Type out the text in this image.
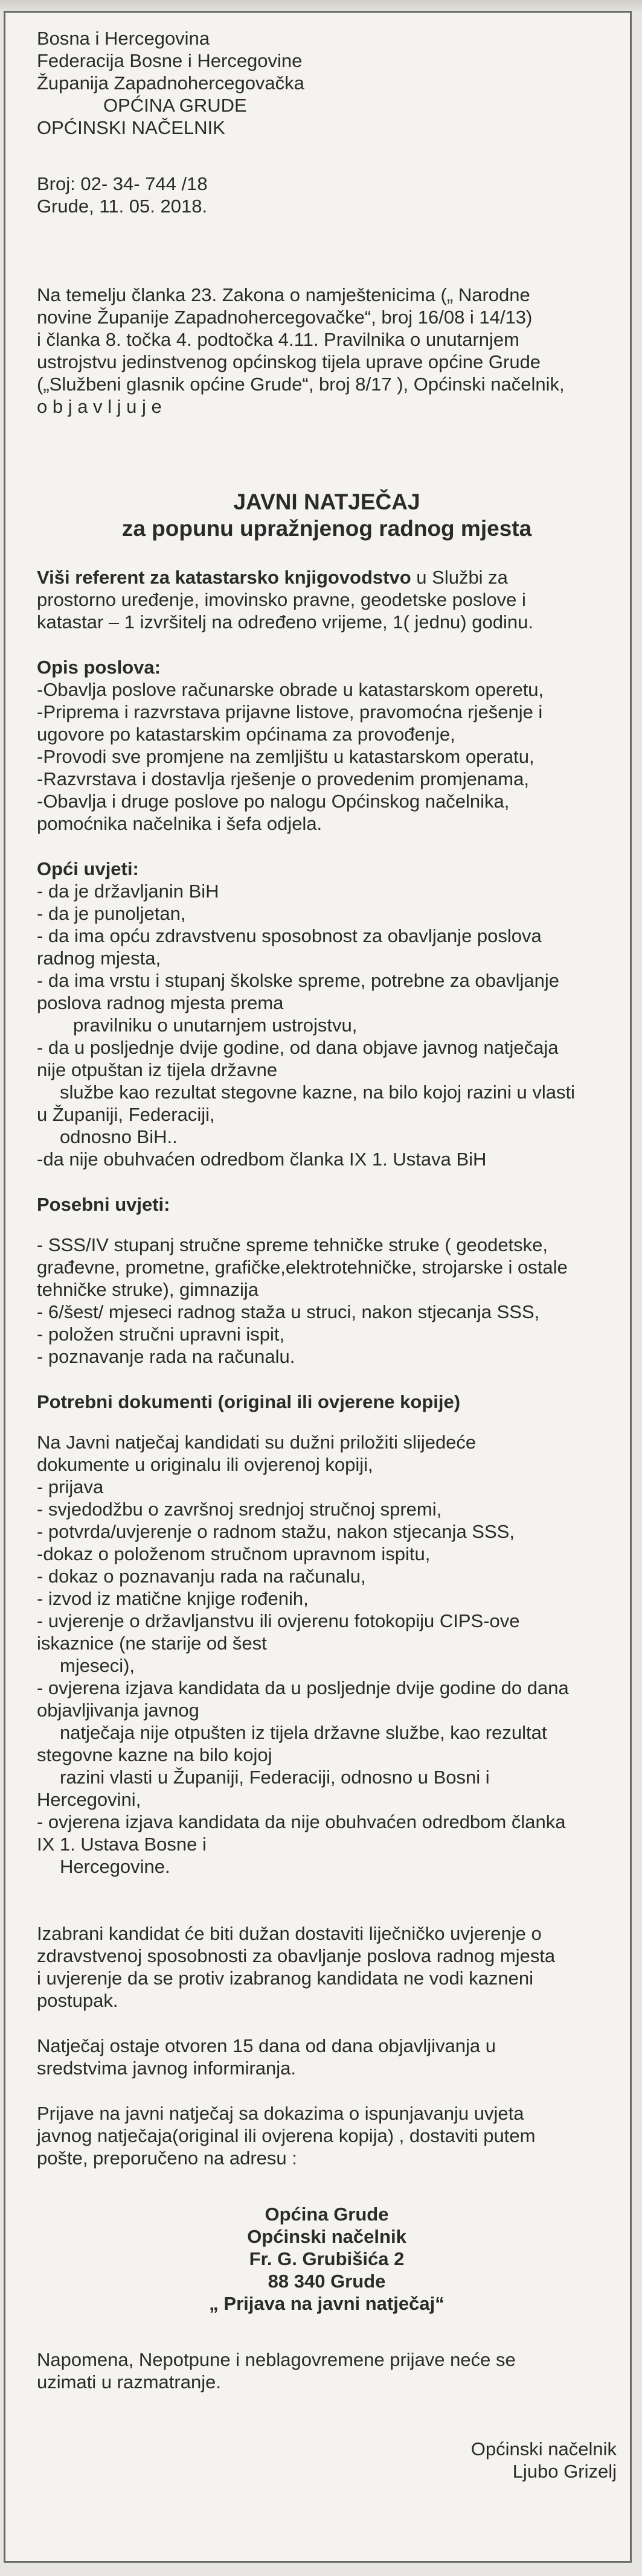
Bosna i Hercegovina

Federacija Bosne i Hercegovine

Županija Zapadnohercegovačka

OPĆINA GRUDE

OPĆINSKI NAČELNIK

Broj: 02- 34- 744 /18

Grude, 11. 05. 2018.

Na temelju članka 23. Zakona o namještenicima („ Narodne

novine Županije Zapadnohercegovačke“, broj 16/08 i 14/13)

i članka 8. točka 4. podtočka 4.11. Pravilnika o unutarnjem

ustrojstvu jedinstvenog općinskog tijela uprave općine Grude

(„Službeni glasnik općine Grude“, broj 8/17 ), Općinski načelnik,

o b j a v l j u j e

JAVNI NATJEČAJ

za popunu upražnjenog radnog mjesta

Viši referent za katastarsko knjigovodstvo u Službi za

prostorno uređenje, imovinsko pravne, geodetske poslove i

katastar – 1 izvršitelj na određeno vrijeme, 1( jednu) godinu.

Opis poslova:

-Obavlja poslove računarske obrade u katastarskom operetu,

-Priprema i razvrstava prijavne listove, pravomoćna rješenje i

ugovore po katastarskim općinama za provođenje,

-Provodi sve promjene na zemljištu u katastarskom operatu,

-Razvrstava i dostavlja rješenje o provedenim promjenama,

-Obavlja i druge poslove po nalogu Općinskog načelnika,

pomoćnika načelnika i šefa odjela.

Opći uvjeti:

- da je državljanin BiH

- da je punoljetan,

- da ima opću zdravstvenu sposobnost za obavljanje poslova

radnog mjesta,

- da ima vrstu i stupanj školske spreme, potrebne za obavljanje

poslova radnog mjesta prema

pravilniku o unutarnjem ustrojstvu,

- da u posljednje dvije godine, od dana objave javnog natječaja

nije otpuštan iz tijela državne

službe kao rezultat stegovne kazne, na bilo kojoj razini u vlasti

u Županiji, Federaciji,

odnosno BiH..

-da nije obuhvaćen odredbom članka IX 1. Ustava BiH

Posebni uvjeti:

- SSS/IV stupanj stručne spreme tehničke struke ( geodetske,

građevne, prometne, grafičke,elektrotehničke, strojarske i ostale

tehničke struke), gimnazija

- 6/šest/ mjeseci radnog staža u struci, nakon stjecanja SSS,

- položen stručni upravni ispit,

- poznavanje rada na računalu.

Potrebni dokumenti (original ili ovjerene kopije)

Na Javni natječaj kandidati su dužni priložiti slijedeće

dokumente u originalu ili ovjerenoj kopiji,

- prijava

- svjedodžbu o završnoj srednjoj stručnoj spremi,

- potvrda/uvjerenje o radnom stažu, nakon stjecanja SSS,

-dokaz o položenom stručnom upravnom ispitu,

- dokaz o poznavanju rada na računalu,

- izvod iz matične knjige rođenih,

- uvjerenje o državljanstvu ili ovjerenu fotokopiju CIPS-ove

iskaznice (ne starije od šest

mjeseci),

- ovjerena izjava kandidata da u posljednje dvije godine do dana

objavljivanja javnog

natječaja nije otpušten iz tijela državne službe, kao rezultat

stegovne kazne na bilo kojoj

razini vlasti u Županiji, Federaciji, odnosno u Bosni i

Hercegovini,

- ovjerena izjava kandidata da nije obuhvaćen odredbom članka

IX 1. Ustava Bosne i

Hercegovine.

Izabrani kandidat će biti dužan dostaviti liječničko uvjerenje o

zdravstvenoj sposobnosti za obavljanje poslova radnog mjesta

i uvjerenje da se protiv izabranog kandidata ne vodi kazneni

postupak.

Natječaj ostaje otvoren 15 dana od dana objavljivanja u

sredstvima javnog informiranja.

Prijave na javni natječaj sa dokazima o ispunjavanju uvjeta

javnog natječaja(original ili ovjerena kopija) , dostaviti putem

pošte, preporučeno na adresu :

Općina Grude

Općinski načelnik

Fr. G. Grubišića 2

88 340 Grude

„ Prijava na javni natječaj“

Napomena, Nepotpune i neblagovremene prijave neće se

uzimati u razmatranje.

Općinski načelnik

Ljubo Grizelj
